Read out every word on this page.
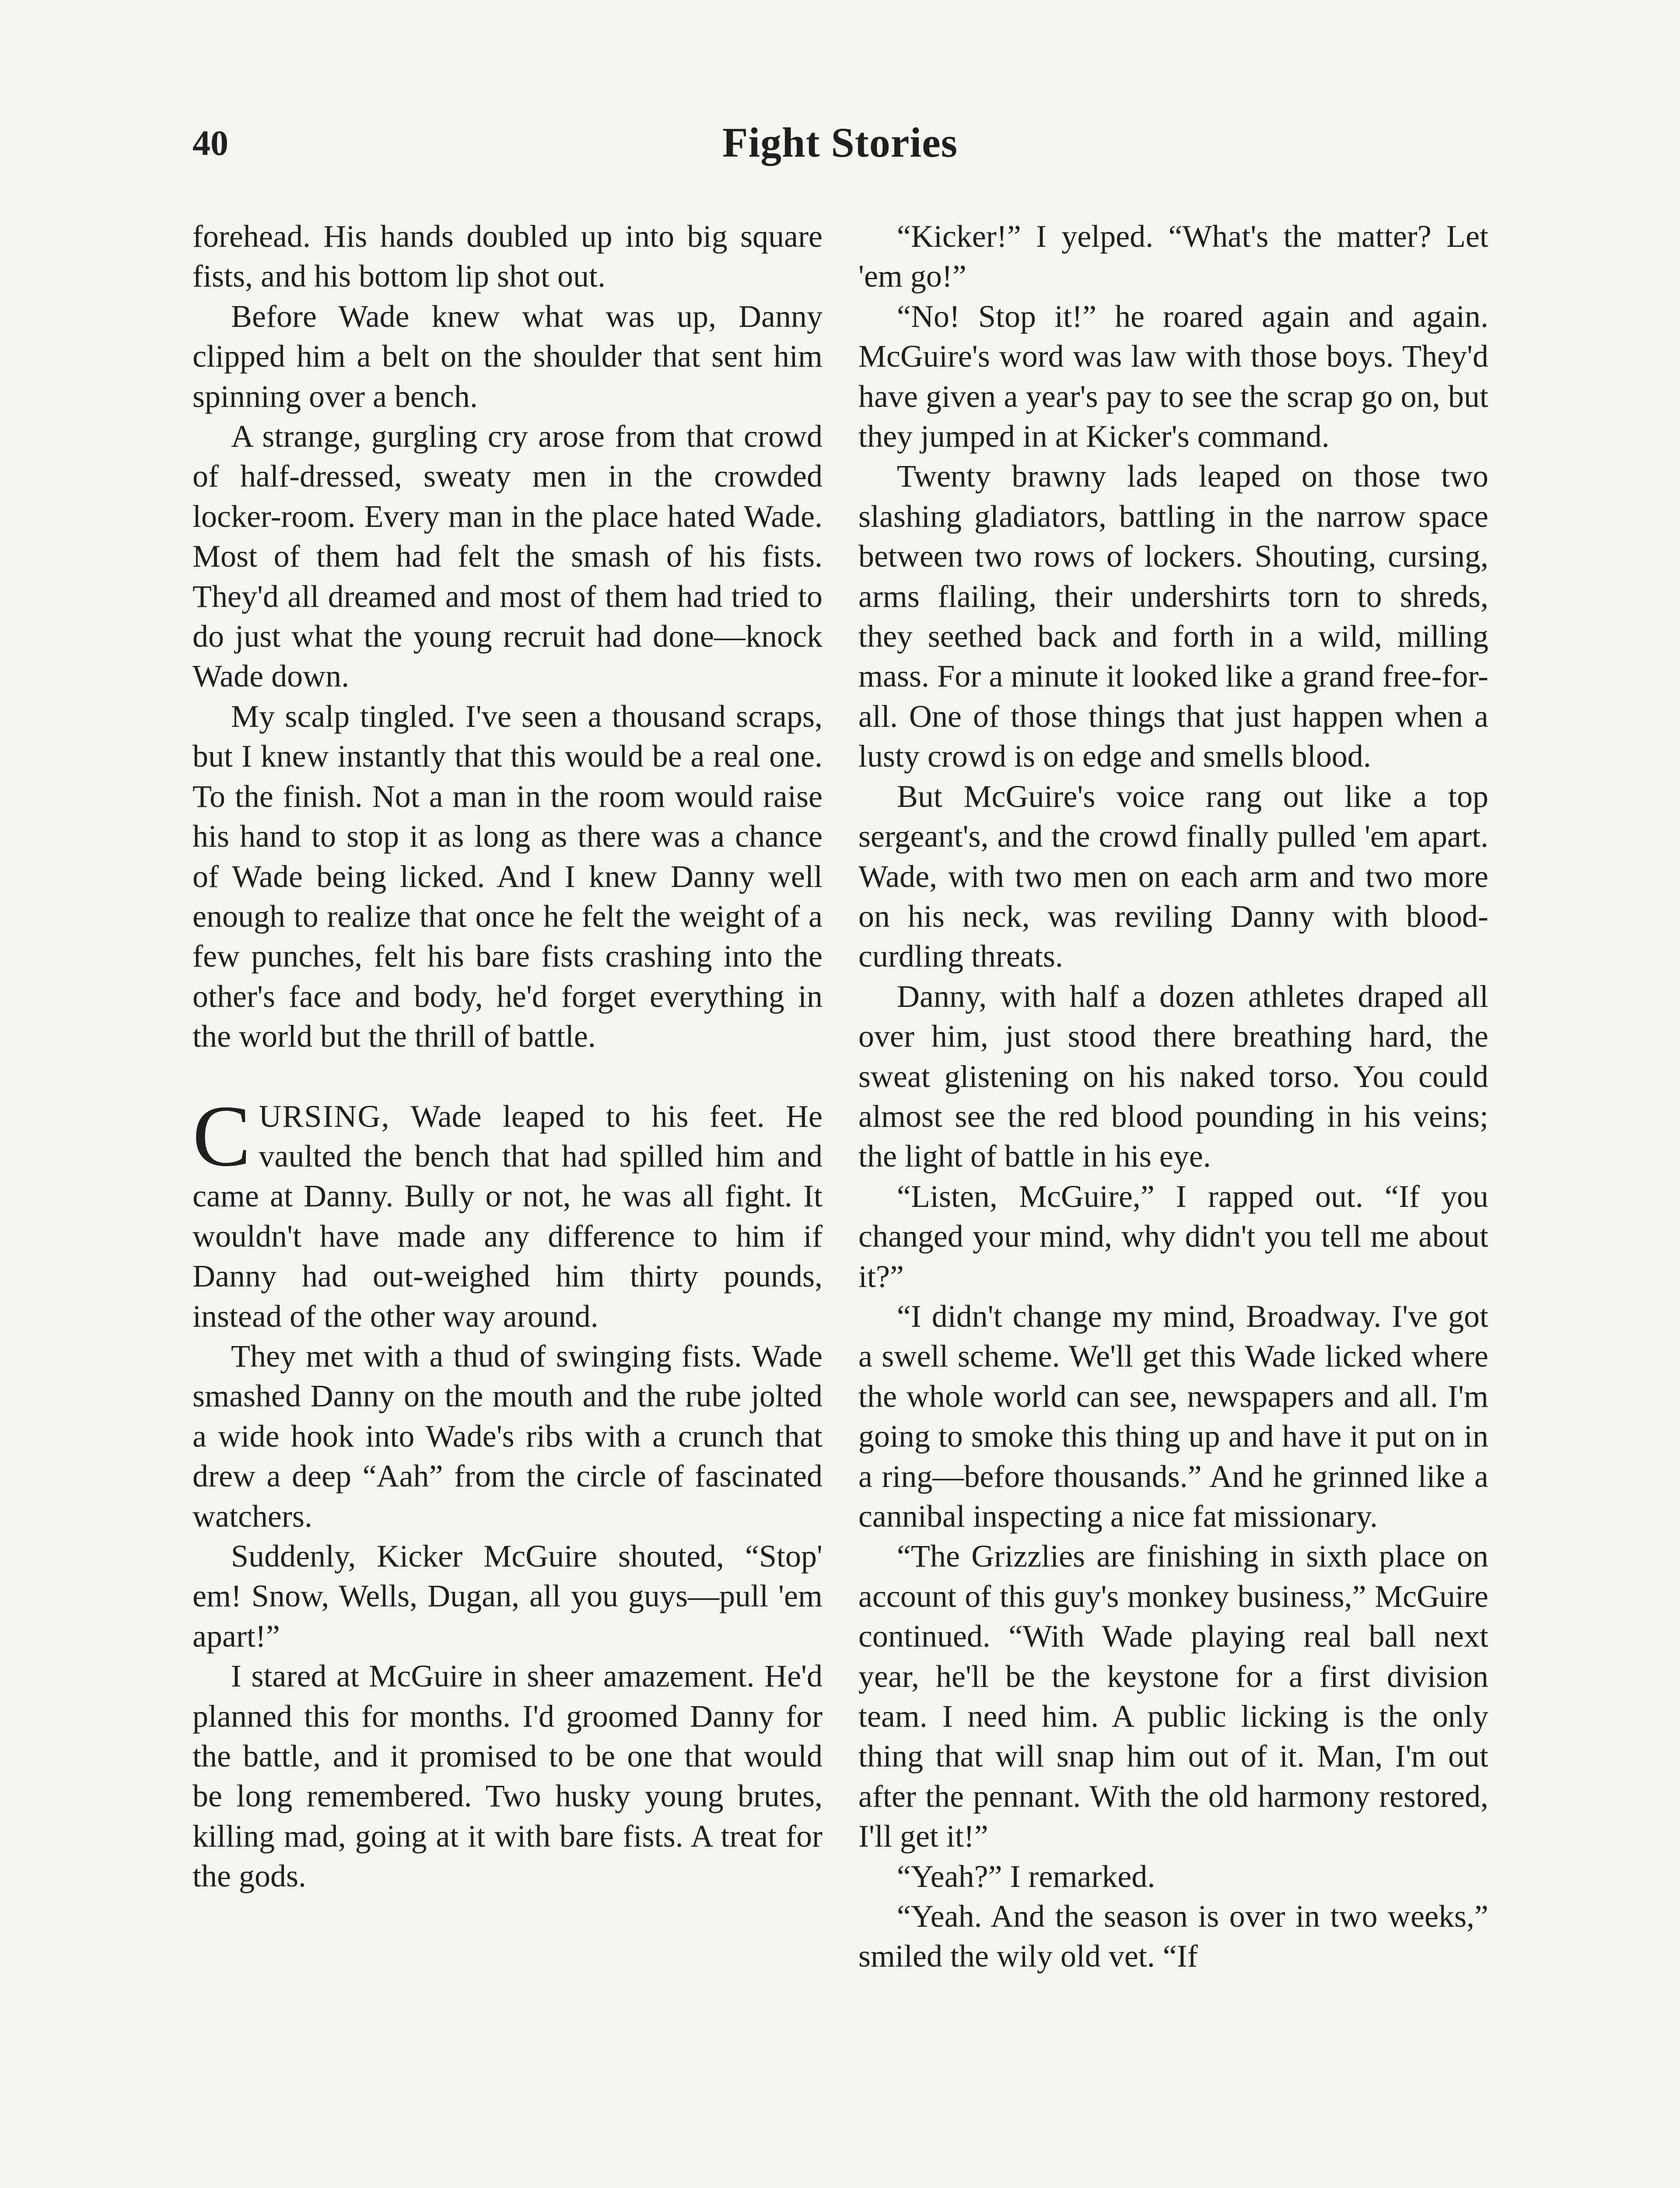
40	Fight Stories

forehead. His hands doubled up into big square fists, and his bottom lip shot out.

Before Wade knew what was up, Danny clipped him a belt on the shoulder that sent him spinning over a bench.

A strange, gurgling cry arose from that crowd of half-dressed, sweaty men in the crowded locker-room. Every man in the place hated Wade. Most of them had felt the smash of his fists. They'd all dreamed and most of them had tried to do just what the young recruit had done—knock Wade down.

My scalp tingled. I've seen a thousand scraps, but I knew instantly that this would be a real one. To the finish. Not a man in the room would raise his hand to stop it as long as there was a chance of Wade being licked. And I knew Danny well enough to realize that once he felt the weight of a few punches, felt his bare fists crashing into the other's face and body, he'd forget everything in the world but the thrill of battle.

CURSING, Wade leaped to his feet. He vaulted the bench that had spilled him and came at Danny. Bully or not, he was all fight. It wouldn't have made any difference to him if Danny had out-weighed him thirty pounds, instead of the other way around.

They met with a thud of swinging fists. Wade smashed Danny on the mouth and the rube jolted a wide hook into Wade's ribs with a crunch that drew a deep “Aah” from the circle of fascinated watchers.

Suddenly, Kicker McGuire shouted, “Stop' em! Snow, Wells, Dugan, all you guys—pull 'em apart!”

I stared at McGuire in sheer amazement. He'd planned this for months. I'd groomed Danny for the battle, and it promised to be one that would be long remembered. Two husky young brutes, killing mad, going at it with bare fists. A treat for the gods.

“Kicker!” I yelped. “What's the matter? Let 'em go!”

“No! Stop it!” he roared again and again. McGuire's word was law with those boys. They'd have given a year's pay to see the scrap go on, but they jumped in at Kicker's command.

Twenty brawny lads leaped on those two slashing gladiators, battling in the narrow space between two rows of lockers. Shouting, cursing, arms flailing, their undershirts torn to shreds, they seethed back and forth in a wild, milling mass. For a minute it looked like a grand free-for-all. One of those things that just happen when a lusty crowd is on edge and smells blood.

But McGuire's voice rang out like a top sergeant's, and the crowd finally pulled 'em apart. Wade, with two men on each arm and two more on his neck, was reviling Danny with blood-curdling threats.

Danny, with half a dozen athletes draped all over him, just stood there breathing hard, the sweat glistening on his naked torso. You could almost see the red blood pounding in his veins; the light of battle in his eye.

“Listen, McGuire,” I rapped out. “If you changed your mind, why didn't you tell me about it?”

“I didn't change my mind, Broadway. I've got a swell scheme. We'll get this Wade licked where the whole world can see, newspapers and all. I'm going to smoke this thing up and have it put on in a ring—before thousands.” And he grinned like a cannibal inspecting a nice fat missionary.

“The Grizzlies are finishing in sixth place on account of this guy's monkey business,” McGuire continued. “With Wade playing real ball next year, he'll be the keystone for a first division team. I need him. A public licking is the only thing that will snap him out of it. Man, I'm out after the pennant. With the old harmony restored, I'll get it!”

“Yeah?” I remarked.

“Yeah. And the season is over in two weeks,” smiled the wily old vet. “If
